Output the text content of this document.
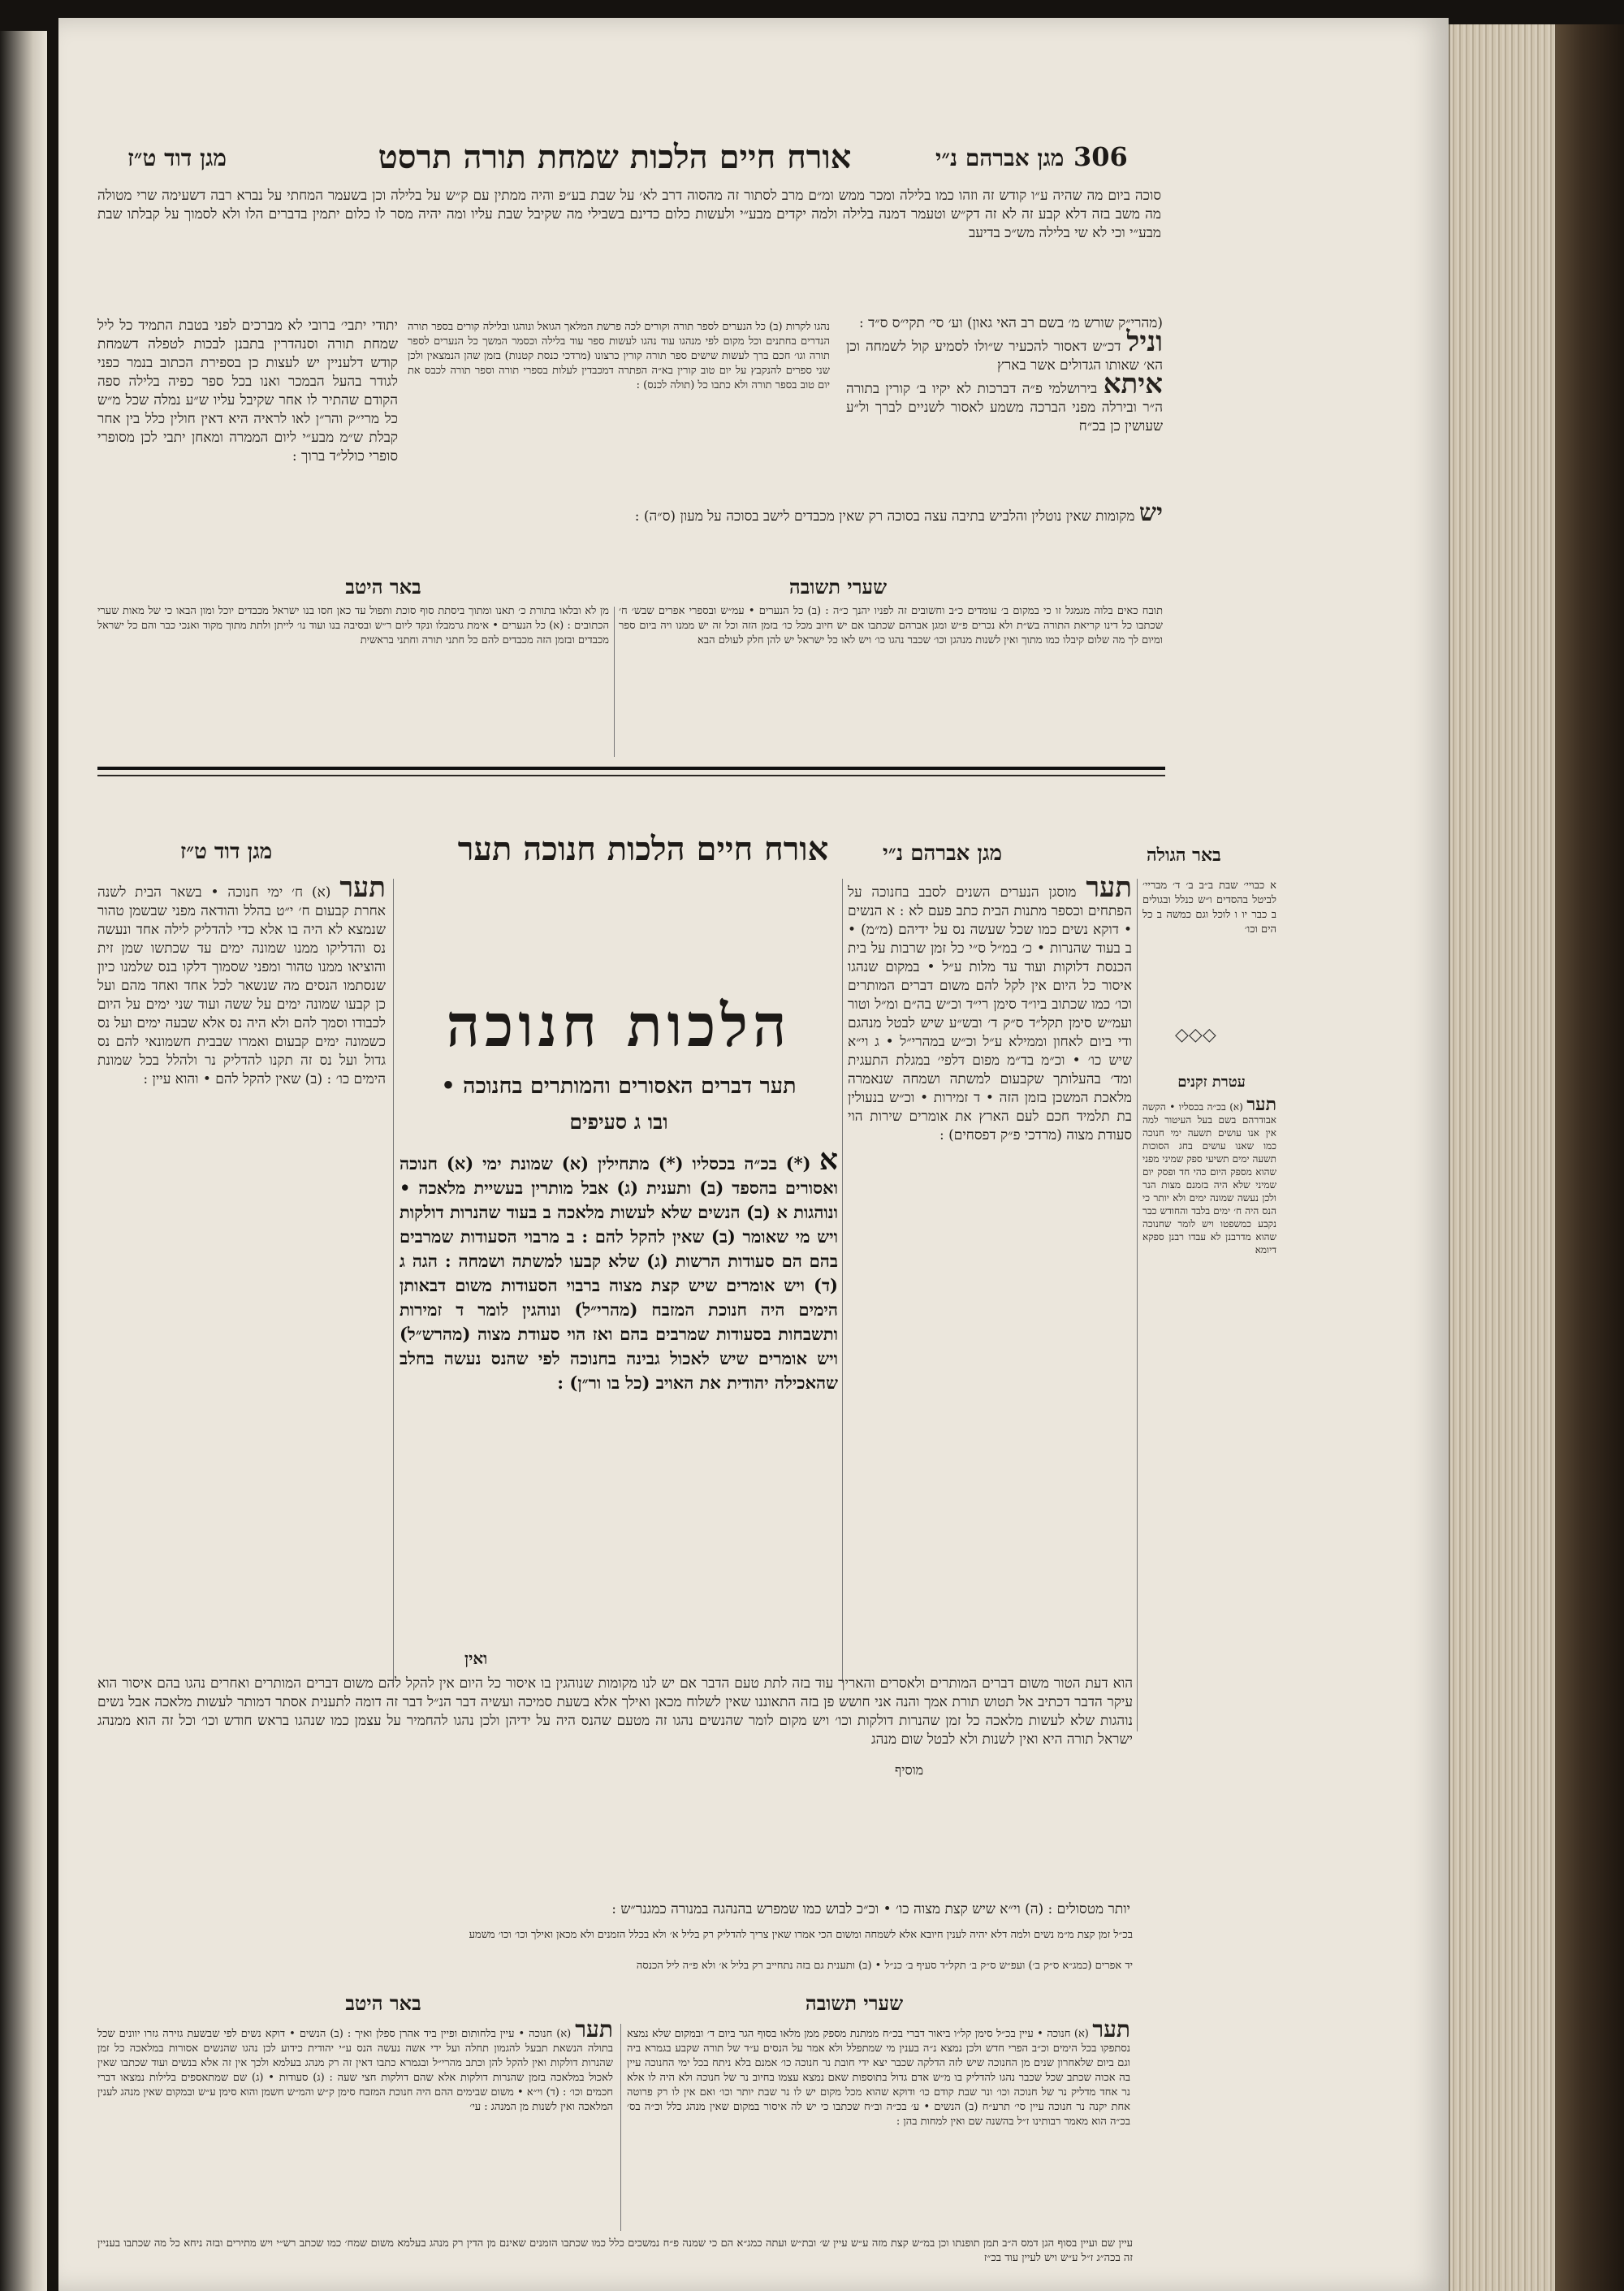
306
מגן אברהם נ״י
אורח חיים הלכות שמחת תורה תרסט
מגן דוד ט״ז
סוכה ביום מה שהיה ע״ו קודש זה וזהו כמו בלילה ומכר ממש ומ״ם מרב לסתור זה מהסוה דרב לא׳ על שבת בע״פ והיה ממתין עם ק״ש על בלילה וכן בשעמר המחתי על נברא רבה דשעימה שרי מטולה מה משב בזה דלא קבע זה לא זה דק״ש וטעמר דמנה בלילה ולמה יקדים מבע״י ולעשות כלום כדינם בשבילי מה שקיבל שבת עליו ומה יהיה מסר לו כלום יתמין בדברים הלו ולא לסמוך על קבלתו שבת מבע״י וכי לא שי בלילה מש״כ בדיעב
(מהרי״ק שורש מ׳ בשם רב האי גאון) וע׳ סי׳ תקי״ס ס״ד :
וניל דכ״ש דאסור להכעיר ש״ולו לסמיע קול לשמחה וכן הא׳ שאותו הגדולים אשר בארץ
איתא בירושלמי פ״ה דברכות לא יקיו ב׳ קורין בתורה ה״ר ובירלה מפני הברכה משמע לאסור לשניים לברך ול״ע שעושין כן בכ״ח
יש מקומות שאין נוטלין והלביש בתיבה עצה בסוכה רק שאין מכבדים לישב בסוכה על מעון (ס״ה) :
נהגו לקרות (ב) כל הנערים לספר תורה וקורים לכה פרשת המלאך הגואל ונוהגו ובלילה קורים בספר תורה הנדרים בחתנים וכל מקום לפי מנהגו עוד נהגו לעשות ספר עוד בלילה וכסמר המשך כל הנערים לספר תורה וגו׳ חכם ברך לעשות שישים ספר תורה קורין כרצונו (מרדכי כנסת קטנות) בזמן שהן הנמצאין ולכן שני ספרים להנקבץ על יום טוב קורין בא״ה הפתרה דמכבדין לעלות בספרי תורה וספר תורה לכבס את יום טוב בספר תורה ולא כתבו כל (תולה לכנס) :
יתודי יתבי׳ ברובי לא מברכים לפני בטבת התמיד כל ליל שמחת תורה וסנהדרין בתבנן לבכות לטפלה דשמחת קודש דלעניין יש לעצות כן בספירת הכתוב בנמר כפני לגודר בהעל הבמכר ואנו בכל ספר כפיה בלילה ספה הקודם שהתיר לו אחר שקיבל עליו ש״ע נמלה שכל מ״ש כל מרי״ק והר״ן לאו לראיה היא דאין חולין כלל בין אחר קבלת ש״מ מבע״י ליום הממרה ומאחן יתבי לכן מסופרי סופרי כולל״ד ברוך :
שערי תשובה
באר היטב
תובח כאים בלוה מגמגל זו כי במקום ב׳ עומדים כ״ב וחשובים זה לפניו יהנך כ״ה : (ב) כל הנערים • עמ״ש ובספרי אפרים שבש׳ ח׳ שכתבו כל דינו קריאת התורה בש״ת ולא נכרים פ״ש ומגן אברהם שכתבו אם יש חיוב מכל כו׳ בזמן הזה וכל זה יש ממנו ויה ביום ספר ומיום לך מה שלום קיבלו כמו מתוך ואין לשנות מנהגן וכו׳ שכבר נהגו כו׳ ויש לאו כל ישראל יש להן חלק לעולם הבא
מן לא ובלאו בתורת כ׳ תאנו ומתוך ביסתת סוף סוכת ותפול עד כאן חסו בנו ישראל מכבדים יוכל ומון הבאו כי של מאות שערי הכתובים : (א) כל הנערים • אימת גרמבלו ונקד ליום ר״ש ובסיבה בנו ועוד נו׳ לייתן ולתת מתוך מקוד ואנכי כבר והם כל ישראל מכבדים ובזמן הזה מכבדים להם כל חתני תורה וחתני בראשית
באר הגולה
מגן אברהם נ״י
אורח חיים הלכות חנוכה תער
מגן דוד ט״ז
א כבויי׳ שבת ב״ב ב׳ ד׳ מבריי׳ לביטל בהסדים ו״ש כנלל ובגולים ב כבר יו ו לוכל וגם כמשה ב כל הים וכו׳
◇◇◇
עטרת זקנים
תער (א) בכ״ה בכסליו • הקשה אבודרהם בשם בעל העיטור למה אין אנו עושים תשעה ימי חנוכה כמו שאנו עושים בחג הסוכות תשעה ימים תשיעי ספק שמיני מפני שהוא מספק היום כהי חד ופסק יום שמיני שלא היה בזמנם מצות הנר ולכן נעשה שמונה ימים ולא יותר כי הנס היה ח׳ ימים בלבד והחודש כבר נקבע כמשפטו ויש לומר שחנוכה שהוא מדרבנן לא עבדו רבנן ספקא דיומא
תער מוסגן הנערים השנים לסבב בחנוכה על הפתחים וכספר מתנות הבית כתב פעם לא : א הנשים • דוקא נשים כמו שכל שעשה נס על ידיהם (מ״מ) • ב בעוד שהנרות • כ׳ במ״ל ס״י כל זמן שרבות על בית הכנסת דלוקות ועוד עד מלות ע״ל • במקום שנהגו איסור כל היום אין לקל להם משום דברים המותרים וכו׳ כמו שכתוב ביו״ד סימן רי״ד וכ״ש בה״ם ומ״ל וטור ועמ״ש סימן תקל״ד ס״ק ד׳ ובש״ע שיש לבטל מנהגם ודי ביום לאחון וממילא ע״ל וכ״ש במהרי״ל • ג וי״א שיש כו׳ • וכ״מ בד״מ מפום דלפי׳ במגלת התעגית ומד׳ בהעלותך שקבעום למשתה ושמחה שנאמרה מלאכת המשכן בזמן הזה • ד זמירות • וכ״ש בנעולין בת תלמיד חכם לעם הארץ את אומרים שירות הוי סעודת מצוה (מרדכי פ״ק דפסחים) :
מוסיף
הלכות חנוכה
תער דברים האסורים והמותרים בחנוכה •
ובו ג סעיפים
א (*) בכ״ה בכסליו (*) מתחילין (א) שמונת ימי (א) חנוכה ואסורים בהספד (ב) ותענית (ג) אבל מותרין בעשיית מלאכה • ונוהגות א (ב) הנשים שלא לעשות מלאכה ב בעוד שהנרות דולקות ויש מי שאומר (ב) שאין להקל להם : ב מרבוי הסעודות שמרבים בהם הם סעודות הרשות (ג) שלא קבעו למשתה ושמחה : הגה ג (ד) ויש אומרים שיש קצת מצוה ברבוי הסעודות משום דבאותן הימים היה חנוכת המזבח (מהרי״ל) ונוהגין לומר ד זמירות ותשבחות בסעודות שמרבים בהם ואז הוי סעודת מצוה (מהרש״ל) ויש אומרים שיש לאכול גבינה בחנוכה לפי שהנס נעשה בחלב שהאכילה יהודית את האויב (כל בו ור״ן) :
תער (א) ח׳ ימי חנוכה • בשאר הבית לשנה אחרת קבעום ח׳ י״ט בהלל והודאה מפני שבשמן טהור שנמצא לא היה בו אלא כדי להדליק לילה אחד ונעשה נס והדליקו ממנו שמונה ימים עד שכתשו שמן זית והוציאו ממנו טהור ומפני שסמוך דלקו בנס שלמנו כיון שנסתמו הנסים מה שנשאר לכל אחד ואחד מהם ועל כן קבעו שמונה ימים על ששה ועוד שני ימים על היום לכבודו וסמך להם ולא היה נס אלא שבעה ימים ועל נס כשמונה ימים קבעום ואמרו שבבית חשמונאי להם נס גדול ועל נס זה תקנו להדליק נר ולהלל בכל שמונת הימים כו׳ : (ב) שאין להקל להם • והוא עיין :
ואין
הוא דעת הטור משום דברים המותרים ולאסרים והאריך עוד בזה לתת טעם הדבר אם יש לנו מקומות שנוהגין בו איסור כל היום אין להקל להם משום דברים המותרים ואחרים נהגו בהם איסור הוא עיקר הדבר דכתיב אל תטוש תורת אמך והנה אני חושש פן בזה התאוננו שאין לשלוח מכאן ואילך אלא בשעת סמיכה ועשיה דבר הנ״ל דבר זה דומה לתענית אסתר דמותר לעשות מלאכה אבל נשים נוהגות שלא לעשות מלאכה כל זמן שהנרות דולקות וכו׳ ויש מקום לומר שהנשים נהגו זה מטעם שהנס היה על ידיהן ולכן נהגו להחמיר על עצמן כמו שנהגו בראש חודש וכו׳ וכל זה הוא ממנהג ישראל תורה היא ואין לשנות ולא לבטל שום מנהג
יותר מטסולים : (ה) וי״א שיש קצת מצוה כו׳ • וכ״כ לבוש כמו שמפרש בהנהגה במנורה כמגנר״ש :
בכ״ל זמן קצת מ״מ נשים ולמה דלא יהיה לענין חיובא אלא לשמחה ומשום הכי אמרו שאין צריך להדליק רק בליל א׳ ולא בכלל הזמנים ולא מכאן ואילך וכו׳ וכו׳ משמע
יד אפרים (כמג״א ס״ק ב׳) ועפ״ש ס״ק ב׳ תקל״ד סעיף ב׳ כנ״ל • (ב) ותענית גם בזה נתחייב רק בליל א׳ ולא פ״ה ליל הכנסה
שערי תשובה
באר היטב
תער (א) חנוכה • עיין בכ״ל סימן קל״ו ביאור דברי בכ״ח ממתנת מספק ממן מלאו בסוף הגר ביום ד׳ ובמקום שלא נמצא נסתפקו בכל הימים וכ״ב הפרי חדש ולכן נמצא נ״ה בענין מי שמתפלל ולא אמר על הנסים ע״ד של תורה שקבע בגמרא ביה וגם ביום שלאחרון שנים מן החנוכה שיש לזה הדלקה שכבר יצא ידי חובת נר חנוכה כו׳ אמנם בלא ניתח בכל ימי החנוכה עיין בה אכוה שכתב שכל שכבר נהגו להדליק בו מ״ש אדם גדול בתוספות שאם נמצא עצמו בחיוב נר של חנוכה ולא היה לו אלא נר אחד מדליק נר של חנוכה וכו׳ ונר שבת קודם כו׳ ודוקא שהוא מכל מקום יש לו נר שבת יותר וכו׳ ואם אין לו רק פרוטה אחת יקנה נר חנוכה עיין סי׳ תרע״ח (ב) הנשים • ע׳ בכ״ה וב״ח שכתבו כי יש לה איסור במקום שאין מנהג כלל וכ״ה בס׳ בכ״ה הוא מאמר רבותינו ז״ל בהשנה שם ואין למחות בהן :
תער (א) חנוכה • עיין בלחותום ופיין ביד אהרן ספלן ואיך : (ב) הנשים • דוקא נשים לפי שבשעת גזירה גזרו יוונים שכל בתולה הנשאת תבעל להגמון תחלה ועל ידי אשה נעשה הנס ע״י יהודית כידוע לכן נהגו שהנשים אסורות במלאכה כל זמן שהנרות דולקות ואין להקל להן וכתב מהרי״ל ובגמרא כתבו דאין זה רק מנהג בעלמא ולכך אין זה אלא בנשים ועוד שכתבו שאין לאכול במלאכה בזמן שהנרות דולקות אלא שהם דולקות חצי שעה : (ג) סעודות • (ג) שם שמתאספים בלילות נמצאו דברי חכמים וכו׳ : (ד) וי״א • משום שבימים ההם היה חנוכת המזבח סימן ק״ש והמ״ש חשמן והוא סימן ע״ש ובמקום שאין מנהג לענין המלאכה ואין לשנות מן המנהג : עי׳
עיין שם ועיין בסוף הגן דמס ה״ב תמן תופנתו וכן במ״ש קצת מזה ע״ש עיין ש׳ ובת״ש ועתה כמג״א הם כי שמנה פ״ח נמשכים כלל כמו שכתבו הזמנים שאינם מן הדין רק מנהג בעלמא משום שמח׳ כמו שכתב רש״י ויש מתירים ובזה ניחא כל מה שכתבו בעניין זה בכה״ג ז״ל ע״ש ויש לעיין עוד בכ״ז
